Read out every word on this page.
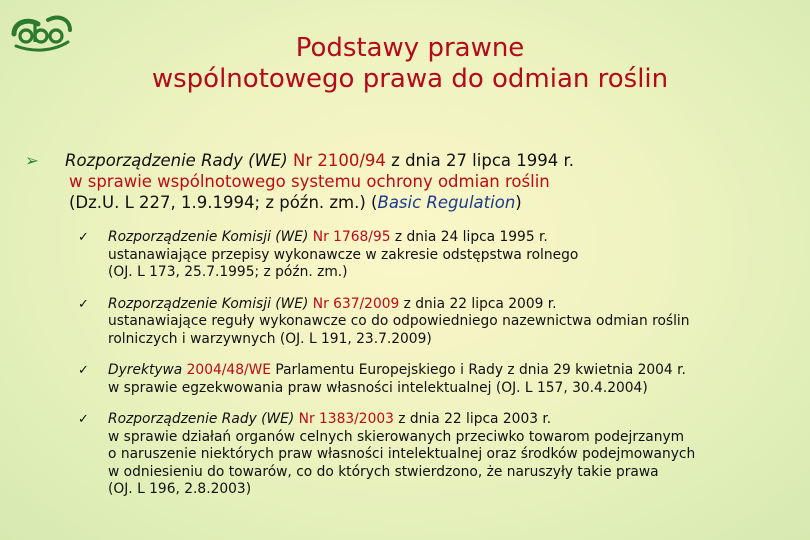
Podstawy prawne
wspólnotowego prawa do odmian roślin
➢ Rozporządzenie Rady (WE) Nr 2100/94 z dnia 27 lipca 1994 r.
w sprawie wspólnotowego systemu ochrony odmian roślin
(Dz.U. L 227, 1.9.1994; z późn. zm.) (Basic Regulation)
✓ Rozporządzenie Komisji (WE) Nr 1768/95 z dnia 24 lipca 1995 r.
ustanawiające przepisy wykonawcze w zakresie odstępstwa rolnego
(OJ. L 173, 25.7.1995; z późn. zm.)
✓ Rozporządzenie Komisji (WE) Nr 637/2009 z dnia 22 lipca 2009 r.
ustanawiające reguły wykonawcze co do odpowiedniego nazewnictwa odmian roślin
rolniczych i warzywnych (OJ. L 191, 23.7.2009)
✓ Dyrektywa 2004/48/WE Parlamentu Europejskiego i Rady z dnia 29 kwietnia 2004 r.
w sprawie egzekwowania praw własności intelektualnej (OJ. L 157, 30.4.2004)
✓ Rozporządzenie Rady (WE) Nr 1383/2003 z dnia 22 lipca 2003 r.
w sprawie działań organów celnych skierowanych przeciwko towarom podejrzanym
o naruszenie niektórych praw własności intelektualnej oraz środków podejmowanych
w odniesieniu do towarów, co do których stwierdzono, że naruszyły takie prawa
(OJ. L 196, 2.8.2003)
